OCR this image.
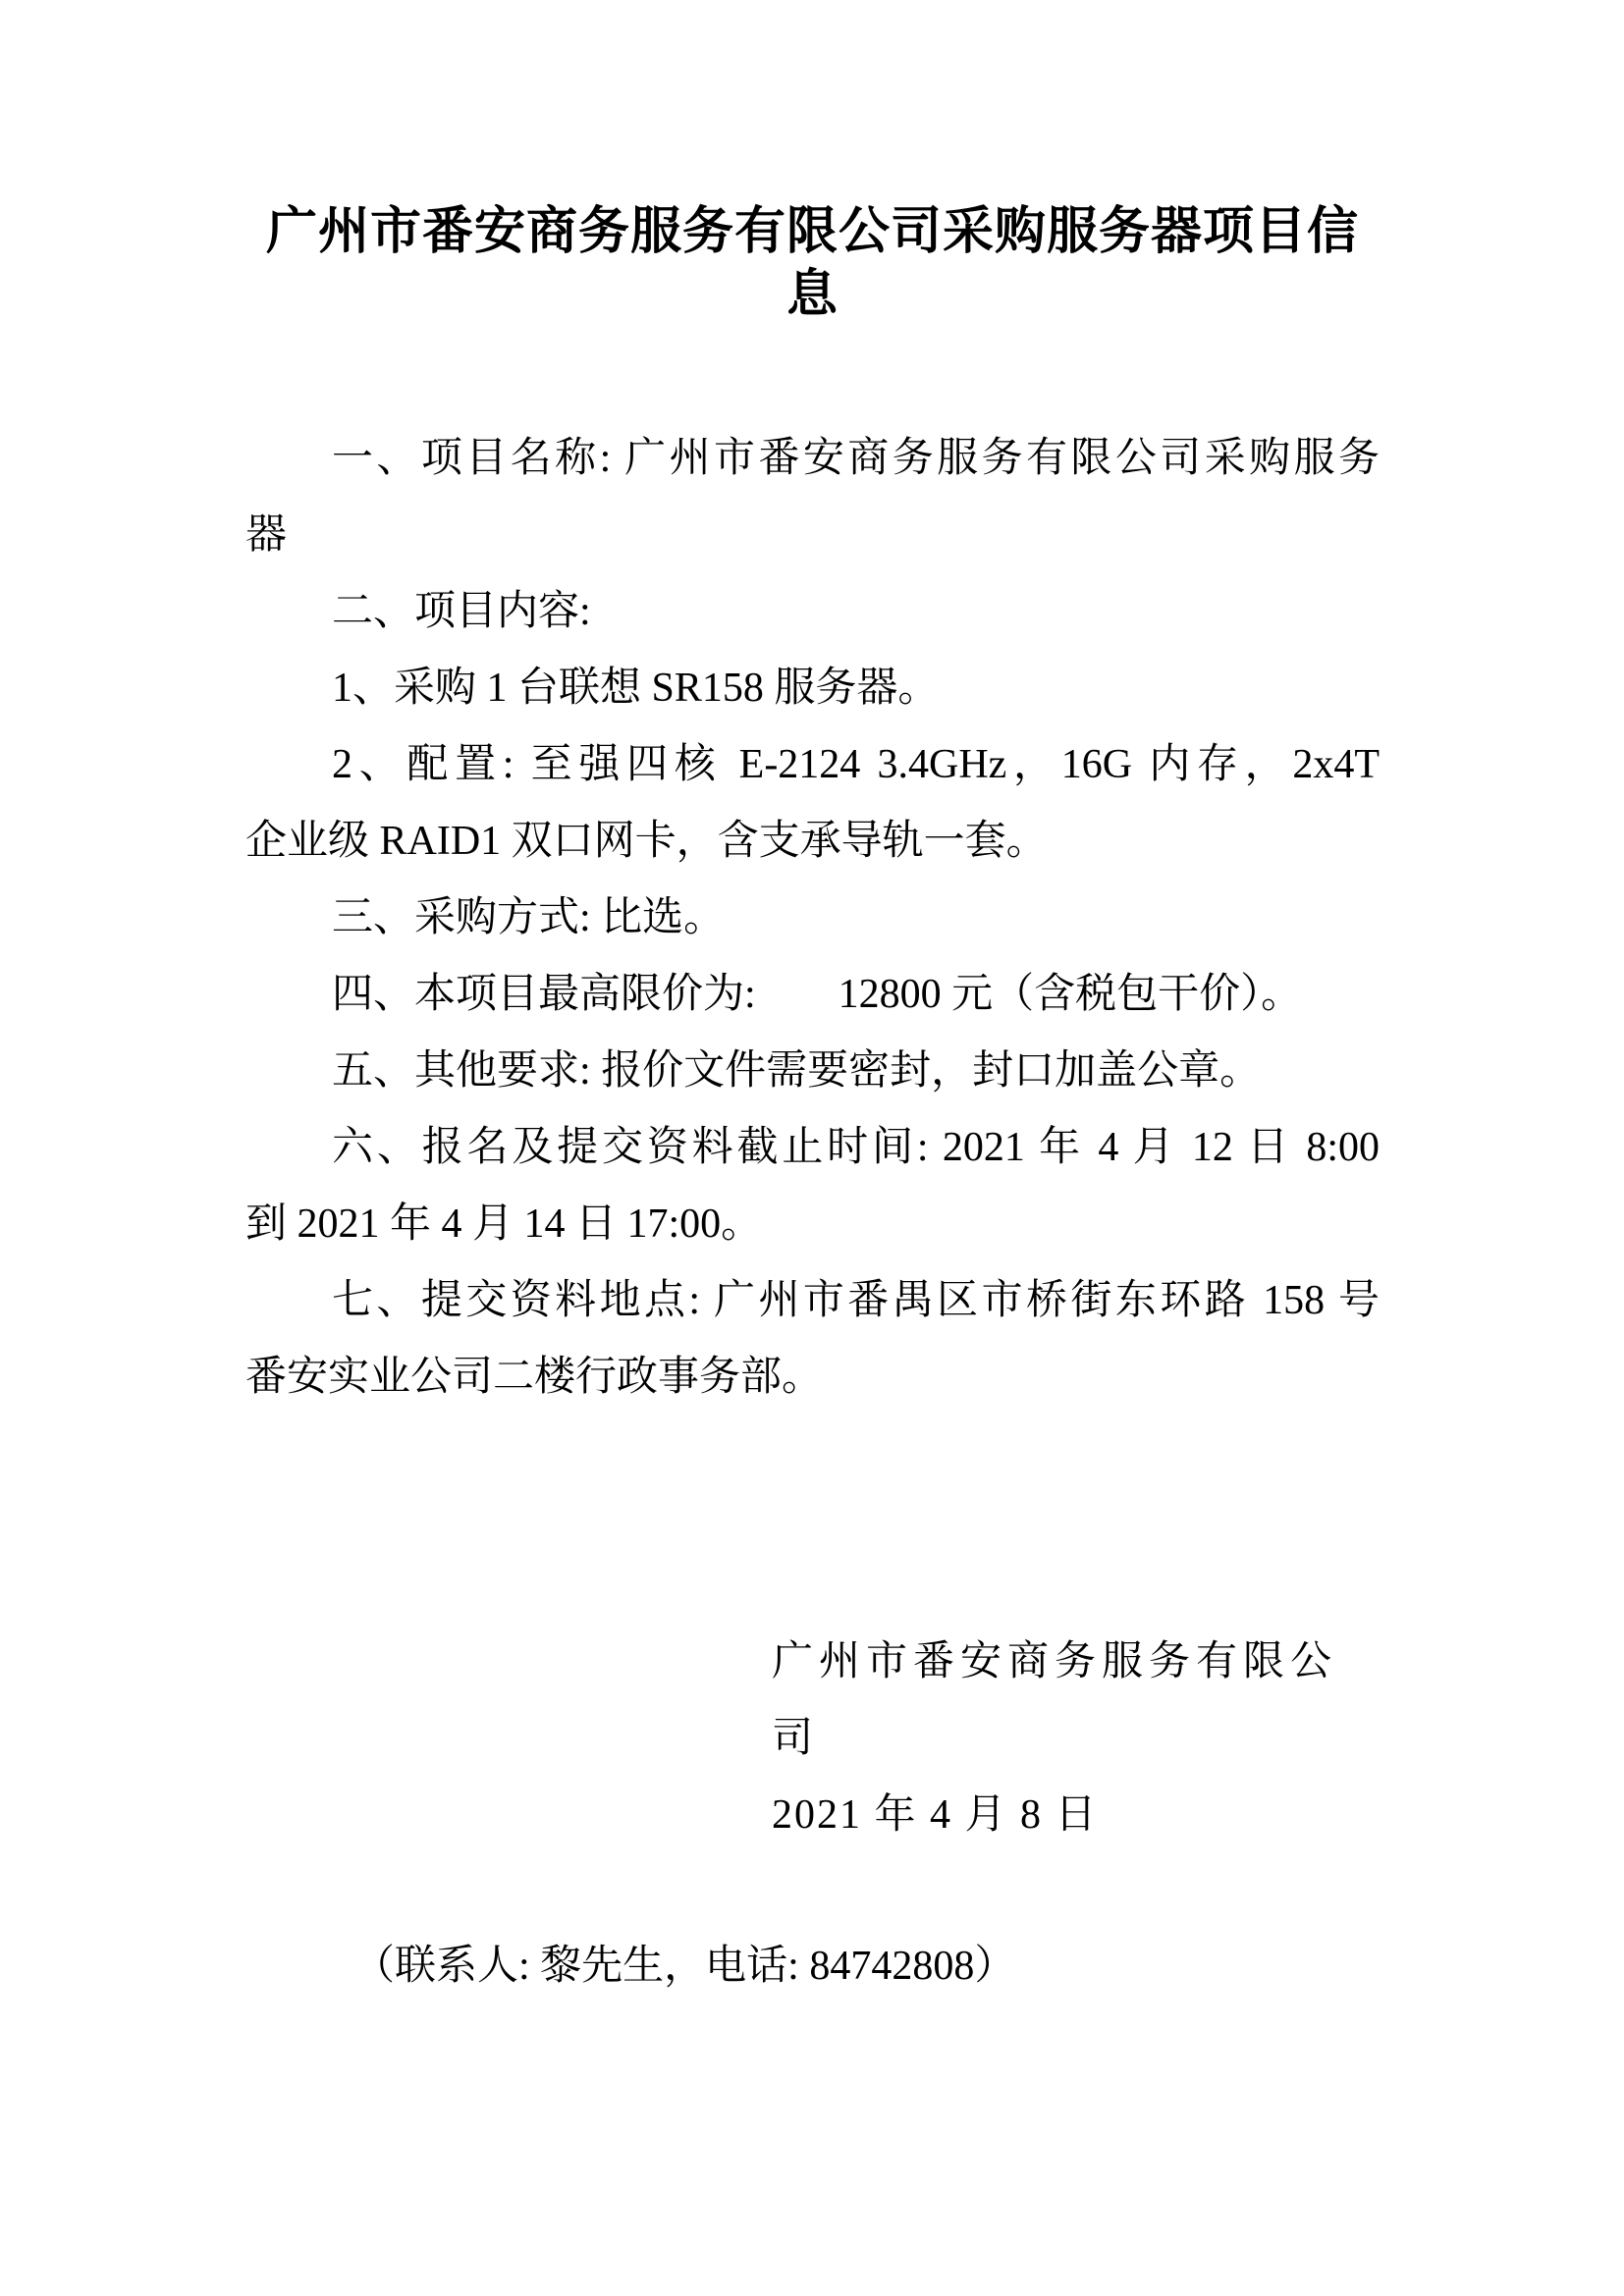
广州市番安商务服务有限公司采购服务器项目信息
一、项目名称: 广州市番安商务服务有限公司采购服务
器
二、项目内容:
1、采购 1 台联想 SR158 服务器。
2、配置: 至强四核 E-2124 3.4GHz，16G 内存，2x4T
企业级 RAID1 双口网卡，含支承导轨一套。
三、采购方式: 比选。
四、本项目最高限价为:　　12800 元（含税包干价）。
五、其他要求: 报价文件需要密封，封口加盖公章。
六、报名及提交资料截止时间: 2021 年 4 月 12 日 8:00
到 2021 年 4 月 14 日 17:00。
七、提交资料地点: 广州市番禺区市桥街东环路 158 号
番安实业公司二楼行政事务部。
广州市番安商务服务有限公司
2021 年 4 月 8 日
（联系人: 黎先生，电话: 84742808）
